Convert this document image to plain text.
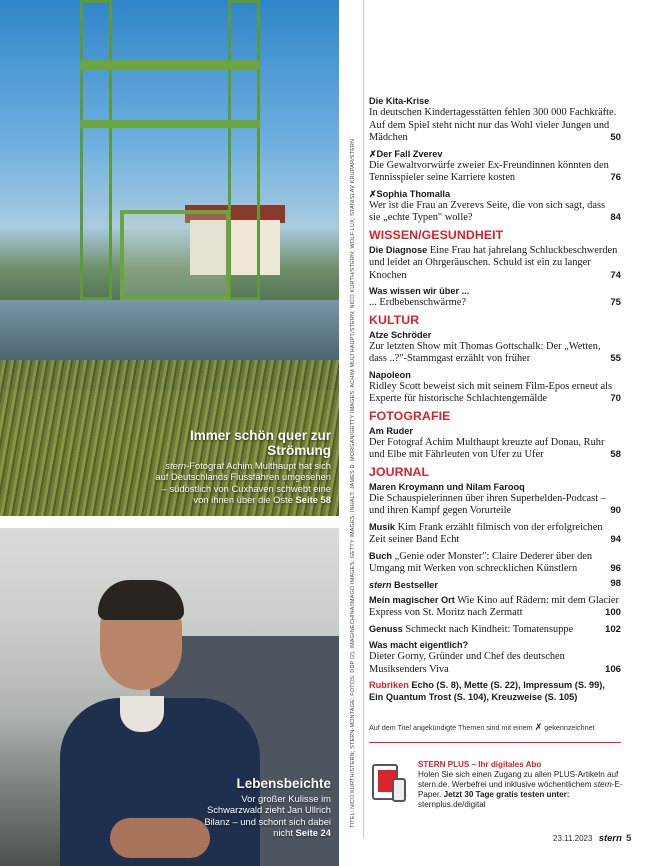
Immer schön quer zur Strömung
stern-Fotograf Achim Multhaupt hat sich auf Deutschlands Flussfähren umgesehen – südöstlich von Cuxhaven schwebt eine von ihnen über die Oste Seite 58
Lebensbeichte
Vor großer Kulisse im Schwarzwald zieht Jan Ullrich Bilanz – und schont sich dabei nicht Seite 24
TITEL: NICO KURTH/STERN; STERN-MONTAGE; FOTOS: DDP (2), IMAGINECHINA/IMAGO IMAGES; GETTY IMAGES; INHALT: JAMES D. MORGAN/GETTY IMAGES; ACHIM MULTHAUPT/STERN; NICO KURTH/STERN; WOLF LUX; STANISLAV KRUPAR/STERN
Die Kita-Krise
In deutschen Kindertagesstätten fehlen 300 000 Fachkräfte. Auf dem Spiel steht nicht nur das Wohl vieler Jungen und Mädchen	50
✗Der Fall Zverev
Die Gewaltvorwürfe zweier Ex-Freundinnen könnten den Tennisspieler seine Karriere kosten	76
✗Sophia Thomalla
Wer ist die Frau an Zverevs Seite, die von sich sagt, dass sie „echte Typen" wolle?	84
WISSEN/GESUNDHEIT
Die Diagnose Eine Frau hat jahrelang Schluckbeschwerden und leidet an Ohrgeräuschen. Schuld ist ein zu langer Knochen	74
Was wissen wir über ...
... Erdbebenschwärme?	75
KULTUR
Atze Schröder
Zur letzten Show mit Thomas Gottschalk: Der „Wetten, dass ..?"-Stammgast erzählt von früher	55
Napoleon
Ridley Scott beweist sich mit seinem Film-Epos erneut als Experte für historische Schlachtengemälde	70
FOTOGRAFIE
Am Ruder
Der Fotograf Achim Multhaupt kreuzte auf Donau, Ruhr und Elbe mit Fährleuten von Ufer zu Ufer	58
JOURNAL
Maren Kroymann und Nilam Farooq
Die Schauspielerinnen über ihren Superhelden-Podcast – und ihren Kampf gegen Vorurteile	90
Musik Kim Frank erzählt filmisch von der erfolgreichen Zeit seiner Band Echt	94
Buch „Genie oder Monster": Claire Dederer über den Umgang mit Werken von schrecklichen Künstlern	96
stern Bestseller	98
Mein magischer Ort Wie Kino auf Rädern: mit dem Glacier Express von St. Moritz nach Zermatt	100
Genuss Schmeckt nach Kindheit: Tomatensuppe	102
Was macht eigentlich?
Dieter Gorny, Gründer und Chef des deutschen Musiksenders Viva	106
Rubriken Echo (S. 8), Mette (S. 22), Impressum (S. 99), Ein Quantum Trost (S. 104), Kreuzweise (S. 105)
Auf dem Titel angekündigte Themen sind mit einem ✗ gekennzeichnet
STERN PLUS – Ihr digitales Abo
Holen Sie sich einen Zugang zu allen PLUS-Artikeln auf stern.de. Werbefrei und inklusive wöchentlichem stern-E-Paper. Jetzt 30 Tage gratis testen unter: sternplus.de/digital
23.11.2023 stern 5
